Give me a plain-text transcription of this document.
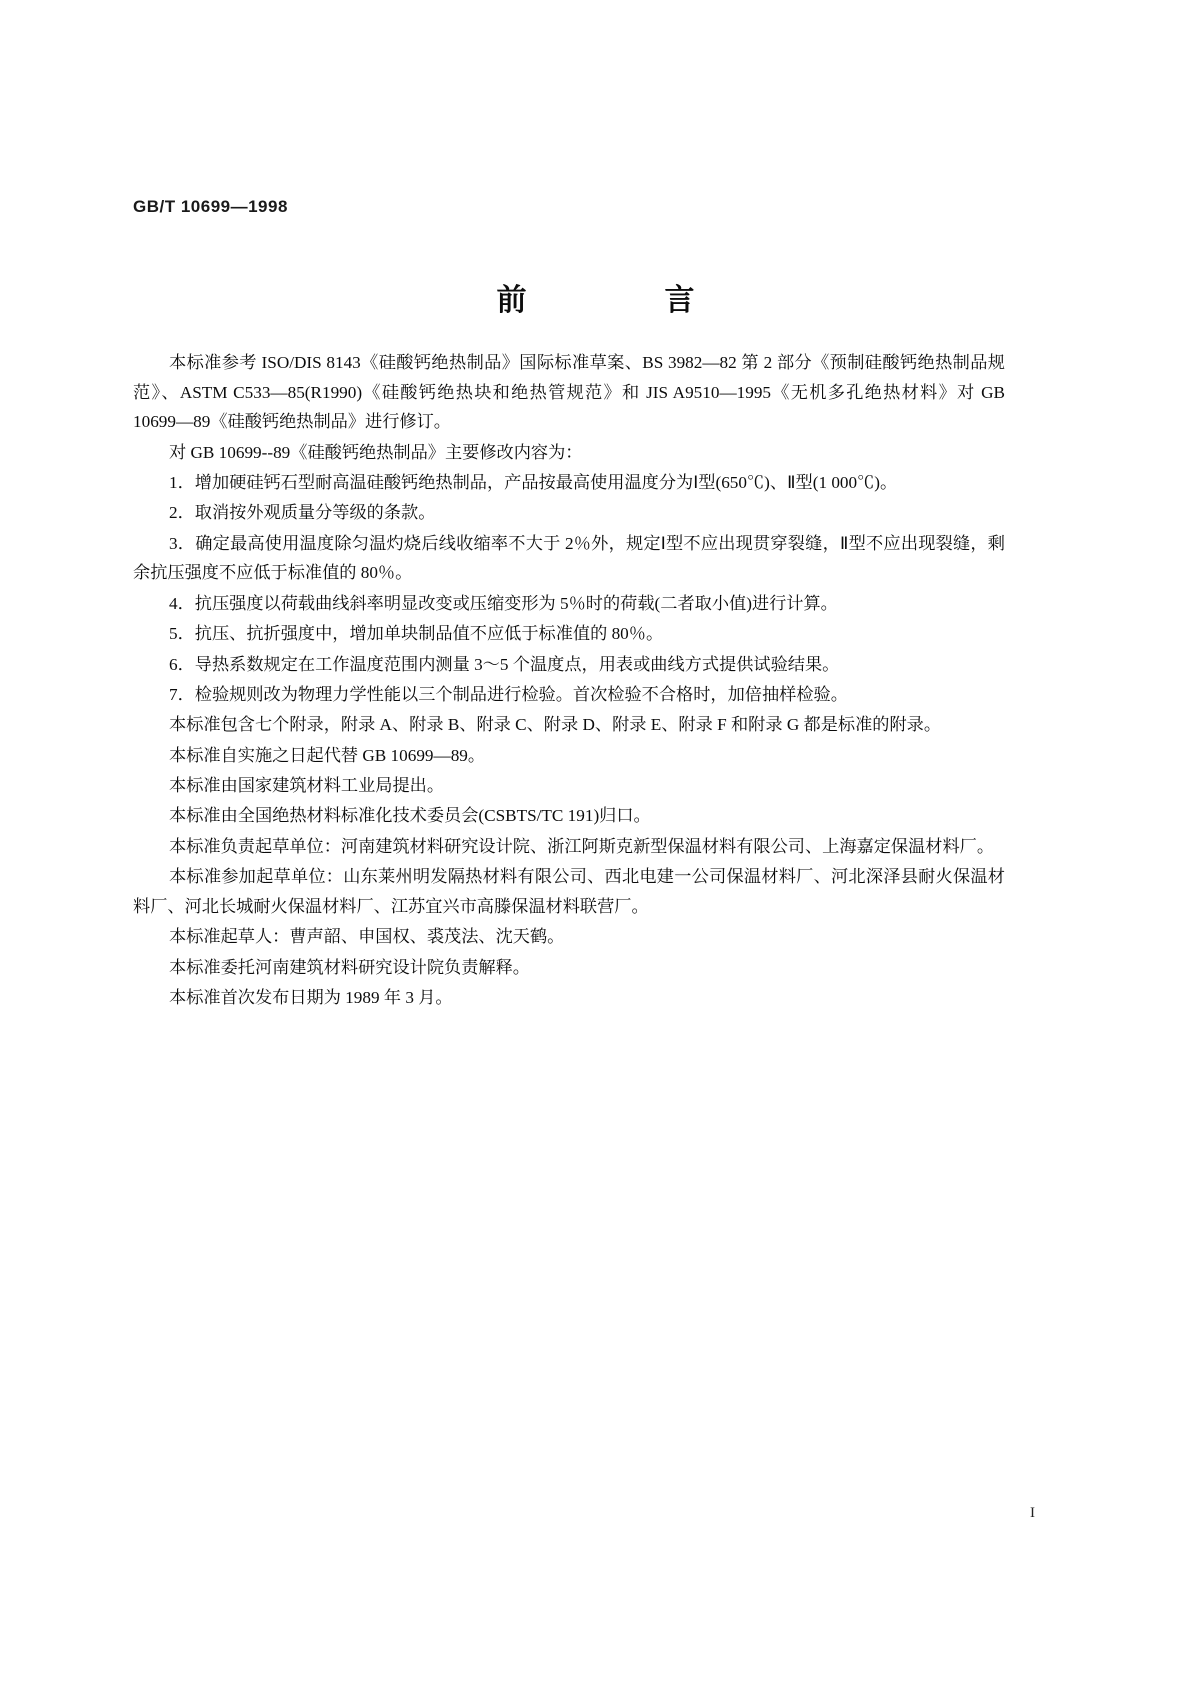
GB/T 10699—1998
前　　言

本标准参考 ISO/DIS 8143《硅酸钙绝热制品》国际标准草案、BS 3982—82 第 2 部分《预制硅酸钙绝热制品规范》、ASTM C533—85(R1990)《硅酸钙绝热块和绝热管规范》和 JIS A9510—1995《无机多孔绝热材料》对 GB 10699—89《硅酸钙绝热制品》进行修订。

对 GB 10699--89《硅酸钙绝热制品》主要修改内容为：

1．增加硬硅钙石型耐高温硅酸钙绝热制品，产品按最高使用温度分为Ⅰ型(650℃)、Ⅱ型(1 000℃)。

2．取消按外观质量分等级的条款。

3．确定最高使用温度除匀温灼烧后线收缩率不大于 2％外，规定Ⅰ型不应出现贯穿裂缝，Ⅱ型不应出现裂缝，剩余抗压强度不应低于标准值的 80％。

4．抗压强度以荷载曲线斜率明显改变或压缩变形为 5％时的荷载(二者取小值)进行计算。

5．抗压、抗折强度中，增加单块制品值不应低于标准值的 80％。

6．导热系数规定在工作温度范围内测量 3～5 个温度点，用表或曲线方式提供试验结果。

7．检验规则改为物理力学性能以三个制品进行检验。首次检验不合格时，加倍抽样检验。

本标准包含七个附录，附录 A、附录 B、附录 C、附录 D、附录 E、附录 F 和附录 G 都是标准的附录。

本标准自实施之日起代替 GB 10699—89。

本标准由国家建筑材料工业局提出。

本标准由全国绝热材料标准化技术委员会(CSBTS/TC 191)归口。

本标准负责起草单位：河南建筑材料研究设计院、浙江阿斯克新型保温材料有限公司、上海嘉定保温材料厂。

本标准参加起草单位：山东莱州明发隔热材料有限公司、西北电建一公司保温材料厂、河北深泽县耐火保温材料厂、河北长城耐火保温材料厂、江苏宜兴市高滕保温材料联营厂。

本标准起草人：曹声韶、申国权、裘茂法、沈天鹤。

本标准委托河南建筑材料研究设计院负责解释。

本标准首次发布日期为 1989 年 3 月。

I
